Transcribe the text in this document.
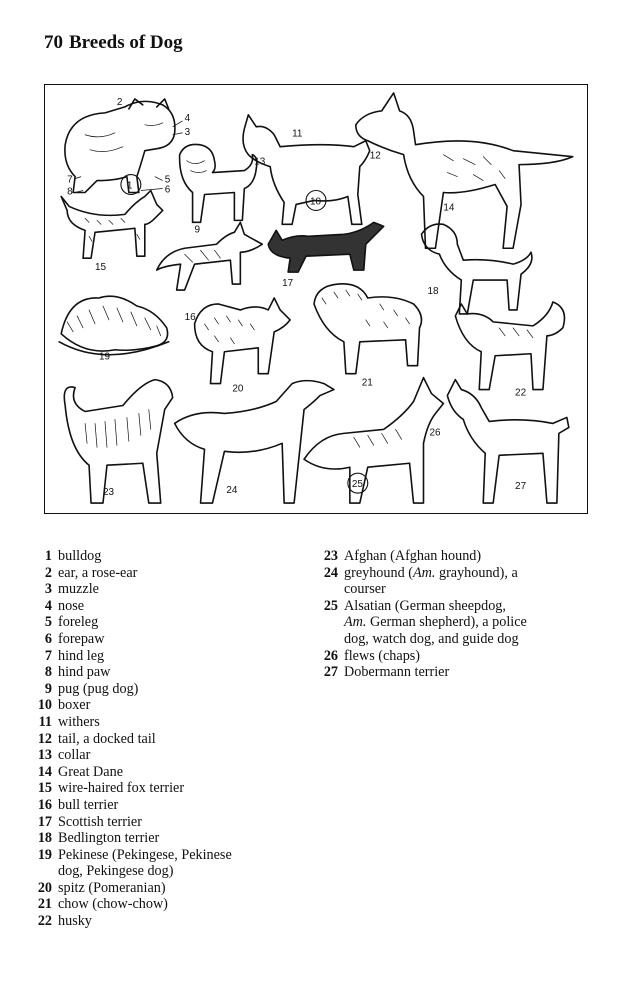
70 Breeds of Dog
1
2
3
4
5
6
7
8
9
10
11
12
13
14
15
16
17
18
19
20
21
22
23	24
25
26
27
1 bulldog
2 ear, a rose-ear
3 muzzle
4 nose
5 foreleg
6 forepaw
7 hind leg
8 hind paw
9 pug (pug dog)
10 boxer
11 withers
12 tail, a docked tail
13 collar
14 Great Dane
15 wire-haired fox terrier
16 bull terrier
17 Scottish terrier
18 Bedlington terrier
19 Pekinese (Pekingese, Pekinese
dog, Pekingese dog)
20 spitz (Pomeranian)
21 chow (chow-chow)
22 husky
23 Afghan (Afghan hound)
24 greyhound (Am. grayhound), a
courser
25 Alsatian (German sheepdog,
Am. German shepherd), a police
dog, watch dog, and guide dog
26 flews (chaps)
27 Dobermann terrier
